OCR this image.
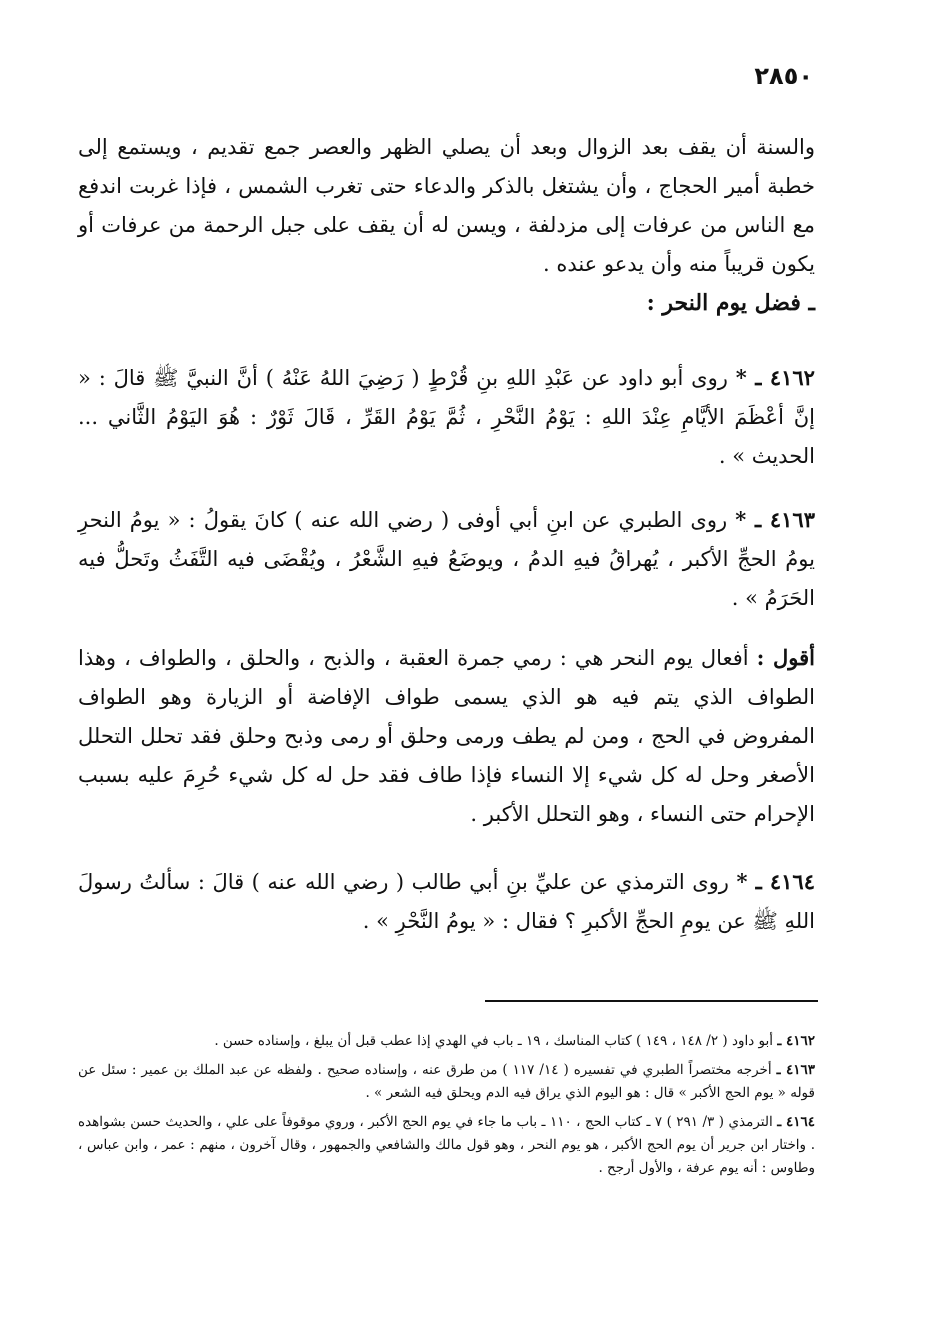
٢٨٥٠

والسنة أن يقف بعد الزوال وبعد أن يصلي الظهر والعصر جمع تقديم ، ويستمع إلى خطبة أمير الحجاج ، وأن يشتغل بالذكر والدعاء حتى تغرب الشمس ، فإذا غربت اندفع مع الناس من عرفات إلى مزدلفة ، ويسن له أن يقف على جبل الرحمة من عرفات أو يكون قريباً منه وأن يدعو عنده .

ـ فضل يوم النحر :

٤١٦٢ ـ * روى أبو داود عن عَبْدِ اللهِ بنِ قُرْطٍ ( رَضِيَ اللهُ عَنْهُ ) أنَّ النبيَّ ﷺ قالَ : « إنَّ أعْظَمَ الأيَّامِ عِنْدَ اللهِ : يَوْمُ النَّحْرِ ، ثُمَّ يَوْمُ القَرِّ ، قَالَ ثَوْرٌ : هُوَ اليَوْمُ الثَّاني ... الحديث » .

٤١٦٣ ـ * روى الطبري عن ابنِ أبي أوفى ( رضي الله عنه ) كانَ يقولُ : « يومُ النحرِ يومُ الحجِّ الأكبر ، يُهراقُ فيهِ الدمُ ، ويوضَعُ فيهِ الشَّعْرُ ، ويُقْضَى فيه التَّفَثُ وتَحلُّ فيه الحَرَمُ » .

أقول : أفعال يوم النحر هي : رمي جمرة العقبة ، والذبح ، والحلق ، والطواف ، وهذا الطواف الذي يتم فيه هو الذي يسمى طواف الإفاضة أو الزيارة وهو الطواف المفروض في الحج ، ومن لم يطف ورمى وحلق أو رمى وذبح وحلق فقد تحلل التحلل الأصغر وحل له كل شيء إلا النساء فإذا طاف فقد حل له كل شيء حُرِمَ عليه بسبب الإحرام حتى النساء ، وهو التحلل الأكبر .

٤١٦٤ ـ * روى الترمذي عن عليِّ بنِ أبي طالب ( رضي الله عنه ) قالَ : سألتُ رسولَ اللهِ ﷺ عن يومِ الحجِّ الأكبرِ ؟ فقال : « يومُ النَّحْرِ » .

٤١٦٢ ـ أبو داود ( ٢/ ١٤٨ ، ١٤٩ ) كتاب المناسك ، ١٩ ـ باب في الهدي إذا عطب قبل أن يبلغ ، وإسناده حسن .

٤١٦٣ ـ أخرجه مختصراً الطبري في تفسيره ( ١٤/ ١١٧ ) من طرق عنه ، وإسناده صحيح . ولفظه عن عبد الملك بن عمير : سئل عن قوله « يوم الحج الأكبر » قال : هو اليوم الذي يراق فيه الدم ويحلق فيه الشعر » .

٤١٦٤ ـ الترمذي ( ٣/ ٢٩١ ) ٧ ـ كتاب الحج ، ١١٠ ـ باب ما جاء في يوم الحج الأكبر ، وروي موقوفاً على علي ، والحديث حسن بشواهده . واختار ابن جرير أن يوم الحج الأكبر ، هو يوم النحر ، وهو قول مالك والشافعي والجمهور ، وقال آخرون ، منهم : عمر ، وابن عباس ، وطاوس : أنه يوم عرفة ، والأول أرجح .
